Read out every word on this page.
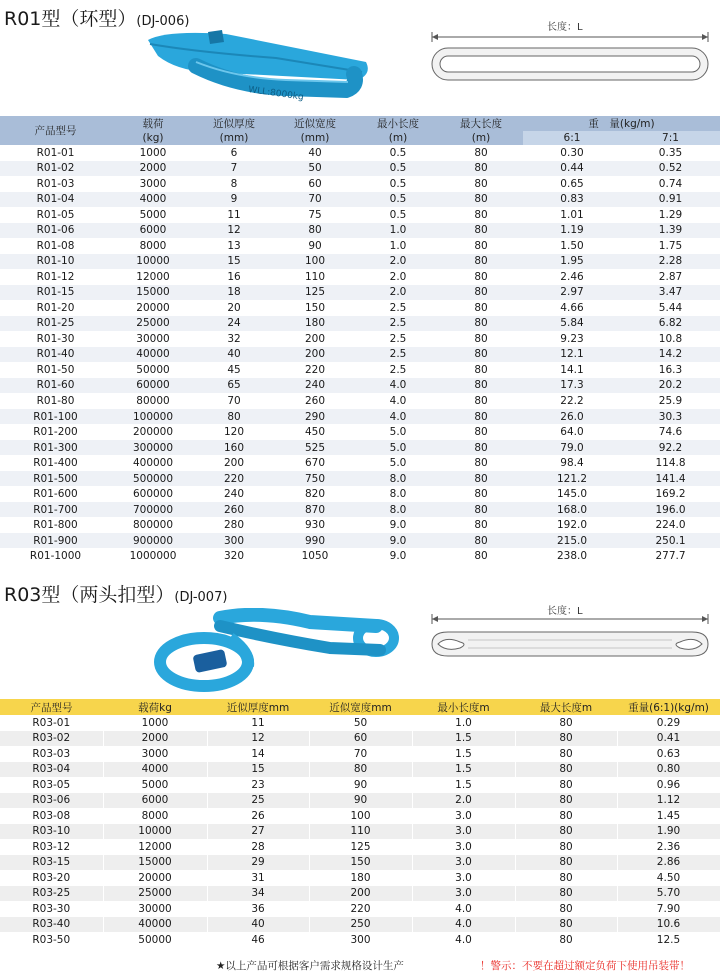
R01型（环型）(DJ-006)
WLL:8000kg
长度：L
产品型号	载荷	近似厚度	近似宽度	最小长度	最大长度	重　量(kg/m)	
	(kg)	(mm)	(mm)	(m)	(m)	6:1	7:1
R01-01	1000	6	40	0.5	80	0.30	0.35
R01-02	2000	7	50	0.5	80	0.44	0.52
R01-03	3000	8	60	0.5	80	0.65	0.74
R01-04	4000	9	70	0.5	80	0.83	0.91
R01-05	5000	11	75	0.5	80	1.01	1.29
R01-06	6000	12	80	1.0	80	1.19	1.39
R01-08	8000	13	90	1.0	80	1.50	1.75
R01-10	10000	15	100	2.0	80	1.95	2.28
R01-12	12000	16	110	2.0	80	2.46	2.87
R01-15	15000	18	125	2.0	80	2.97	3.47
R01-20	20000	20	150	2.5	80	4.66	5.44
R01-25	25000	24	180	2.5	80	5.84	6.82
R01-30	30000	32	200	2.5	80	9.23	10.8
R01-40	40000	40	200	2.5	80	12.1	14.2
R01-50	50000	45	220	2.5	80	14.1	16.3
R01-60	60000	65	240	4.0	80	17.3	20.2
R01-80	80000	70	260	4.0	80	22.2	25.9
R01-100	100000	80	290	4.0	80	26.0	30.3
R01-200	200000	120	450	5.0	80	64.0	74.6
R01-300	300000	160	525	5.0	80	79.0	92.2
R01-400	400000	200	670	5.0	80	98.4	114.8
R01-500	500000	220	750	8.0	80	121.2	141.4
R01-600	600000	240	820	8.0	80	145.0	169.2
R01-700	700000	260	870	8.0	80	168.0	196.0
R01-800	800000	280	930	9.0	80	192.0	224.0
R01-900	900000	300	990	9.0	80	215.0	250.1
R01-1000	1000000	320	1050	9.0	80	238.0	277.7
R03型（两头扣型）(DJ-007)
长度：L
产品型号	载荷kg	近似厚度mm	近似宽度mm	最小长度m	最大长度m	重量(6:1)(kg/m)
R03-01	1000	11	50	1.0	80	0.29
R03-02	2000	12	60	1.5	80	0.41
R03-03	3000	14	70	1.5	80	0.63
R03-04	4000	15	80	1.5	80	0.80
R03-05	5000	23	90	1.5	80	0.96
R03-06	6000	25	90	2.0	80	1.12
R03-08	8000	26	100	3.0	80	1.45
R03-10	10000	27	110	3.0	80	1.90
R03-12	12000	28	125	3.0	80	2.36
R03-15	15000	29	150	3.0	80	2.86
R03-20	20000	31	180	3.0	80	4.50
R03-25	25000	34	200	3.0	80	5.70
R03-30	30000	36	220	4.0	80	7.90
R03-40	40000	40	250	4.0	80	10.6
R03-50	50000	46	300	4.0	80	12.5
★以上产品可根据客户需求规格设计生产	！警示：不要在超过额定负荷下使用吊装带！
